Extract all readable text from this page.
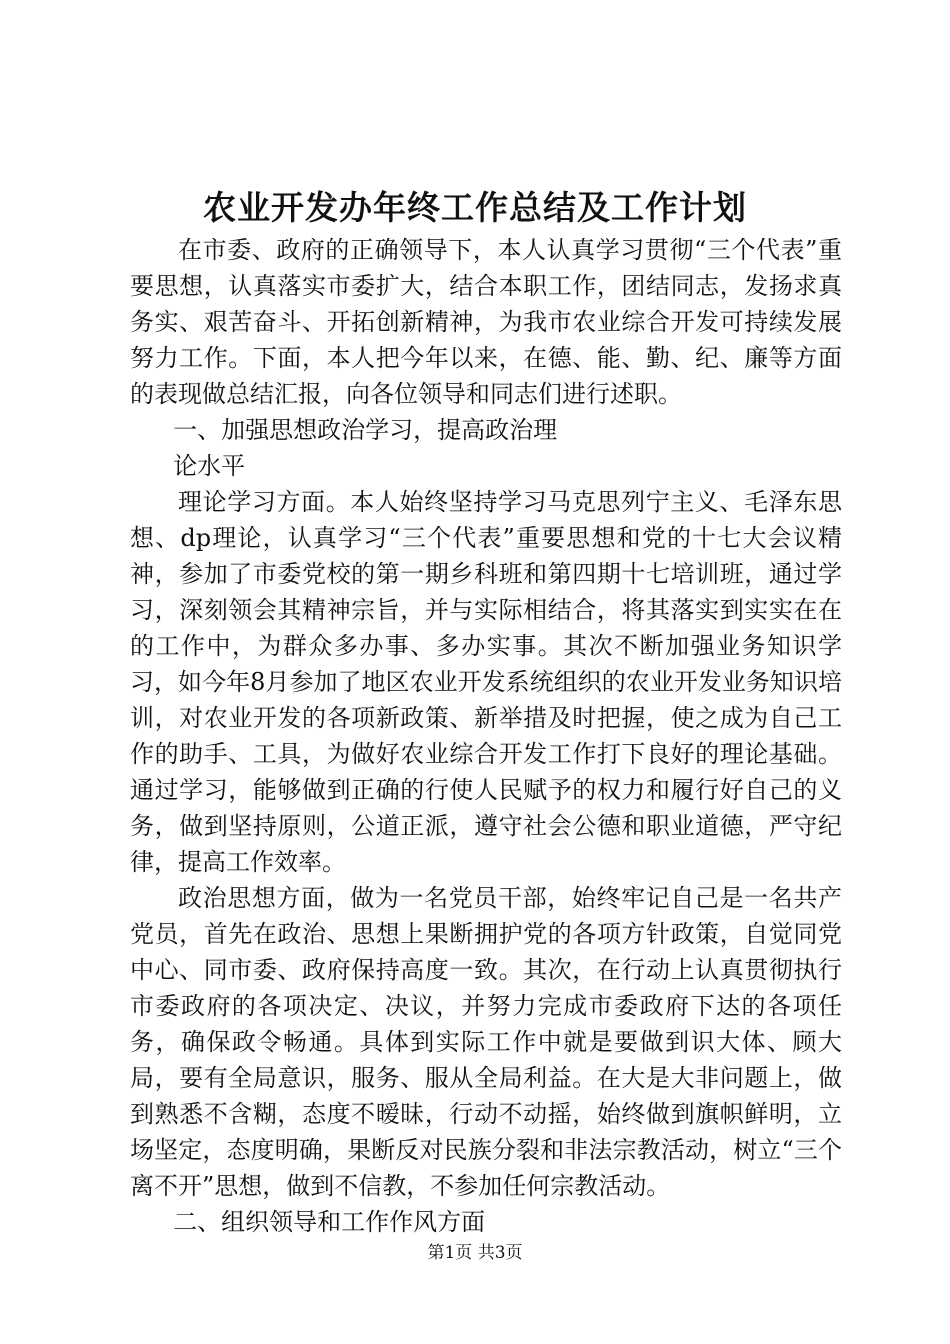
农业开发办年终工作总结及工作计划

在市委、政府的正确领导下，本人认真学习贯彻“三个代表”重要思想，认真落实市委扩大，结合本职工作，团结同志，发扬求真务实、艰苦奋斗、开拓创新精神，为我市农业综合开发可持续发展努力工作。下面，本人把今年以来，在德、能、勤、纪、廉等方面的表现做总结汇报，向各位领导和同志们进行述职。

一、加强思想政治学习，提高政治理

论水平

理论学习方面。本人始终坚持学习马克思列宁主义、毛泽东思想、dp理论，认真学习“三个代表”重要思想和党的十七大会议精神，参加了市委党校的第一期乡科班和第四期十七培训班，通过学习，深刻领会其精神宗旨，并与实际相结合，将其落实到实实在在的工作中，为群众多办事、多办实事。其次不断加强业务知识学习，如今年8月参加了地区农业开发系统组织的农业开发业务知识培训，对农业开发的各项新政策、新举措及时把握，使之成为自己工作的助手、工具，为做好农业综合开发工作打下良好的理论基础。通过学习，能够做到正确的行使人民赋予的权力和履行好自己的义务，做到坚持原则，公道正派，遵守社会公德和职业道德，严守纪律，提高工作效率。

政治思想方面，做为一名党员干部，始终牢记自己是一名共产党员，首先在政治、思想上果断拥护党的各项方针政策，自觉同党中心、同市委、政府保持高度一致。其次，在行动上认真贯彻执行市委政府的各项决定、决议，并努力完成市委政府下达的各项任务，确保政令畅通。具体到实际工作中就是要做到识大体、顾大局，要有全局意识，服务、服从全局利益。在大是大非问题上，做到熟悉不含糊，态度不暧昧，行动不动摇，始终做到旗帜鲜明，立场坚定，态度明确，果断反对民族分裂和非法宗教活动，树立“三个离不开”思想，做到不信教，不参加任何宗教活动。

二、组织领导和工作作风方面

第1页 共3页
